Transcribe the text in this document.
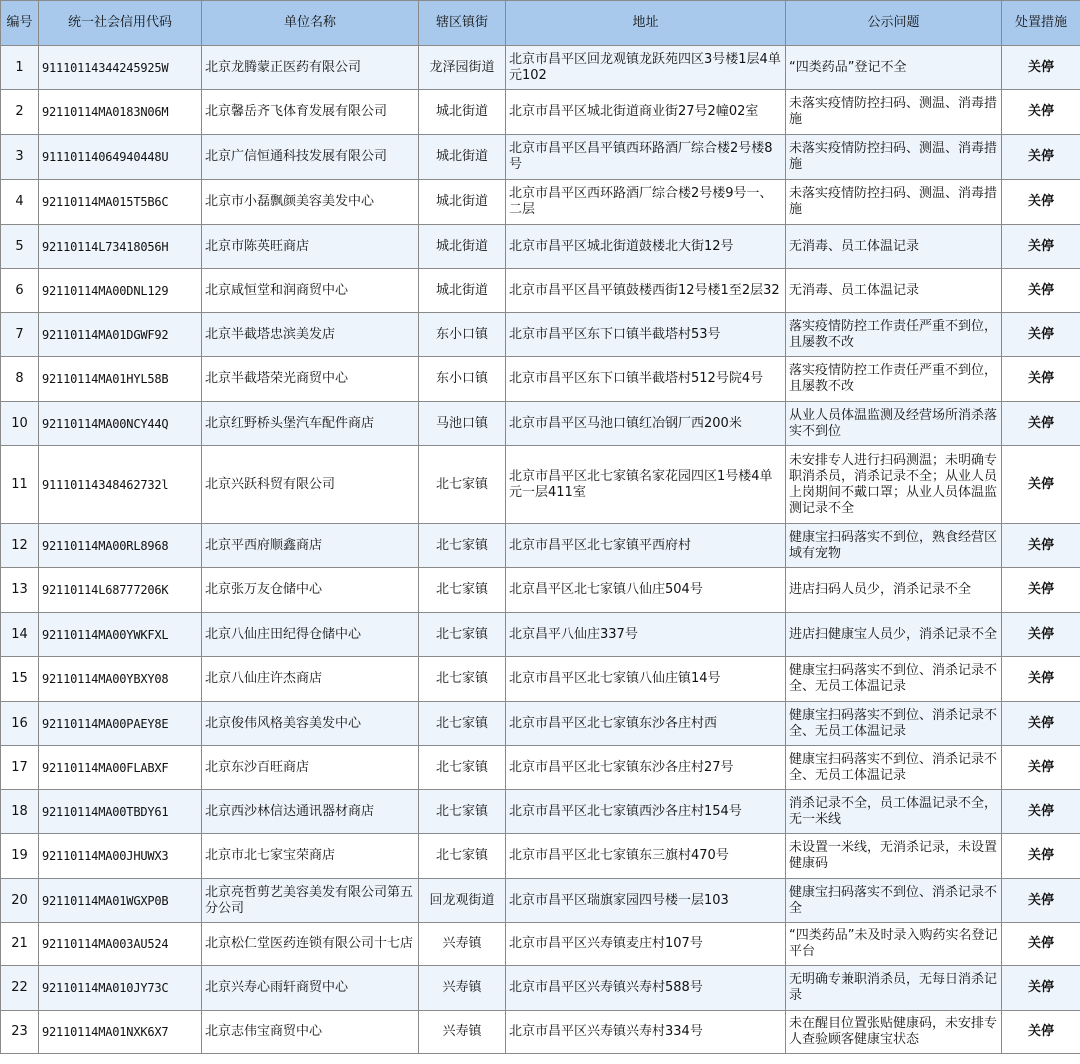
编号	统一社会信用代码	单位名称	辖区镇街	地址	公示问题	处置措施
1	91110114344245925W	北京龙腾蒙正医药有限公司	龙泽园街道	北京市昌平区回龙观镇龙跃苑四区3号楼1层4单元102	“四类药品”登记不全	关停
2	92110114MA0183N06M	北京馨岳齐飞体育发展有限公司	城北街道	北京市昌平区城北街道商业街27号2幢02室	未落实疫情防控扫码、测温、消毒措施	关停
3	91110114064940448U	北京广信恒通科技发展有限公司	城北街道	北京市昌平区昌平镇西环路酒厂综合楼2号楼8号	未落实疫情防控扫码、测温、消毒措施	关停
4	92110114MA015T5B6C	北京市小磊飘颜美容美发中心	城北街道	北京市昌平区西环路酒厂综合楼2号楼9号一、二层	未落实疫情防控扫码、测温、消毒措施	关停
5	92110114L73418056H	北京市陈英旺商店	城北街道	北京市昌平区城北街道鼓楼北大街12号	无消毒、员工体温记录	关停
6	92110114MA00DNL129	北京咸恒堂和润商贸中心	城北街道	北京市昌平区昌平镇鼓楼西街12号楼1至2层32	无消毒、员工体温记录	关停
7	92110114MA01DGWF92	北京半截塔忠滨美发店	东小口镇	北京市昌平区东下口镇半截塔村53号	落实疫情防控工作责任严重不到位，且屡教不改	关停
8	92110114MA01HYL58B	北京半截塔荣光商贸中心	东小口镇	北京市昌平区东下口镇半截塔村512号院4号	落实疫情防控工作责任严重不到位，且屡教不改	关停
10	92110114MA00NCY44Q	北京红野桥头堡汽车配件商店	马池口镇	北京市昌平区马池口镇红冶钢厂西200米	从业人员体温监测及经营场所消杀落实不到位	关停
11	91110114348462732l	北京兴跃科贸有限公司	北七家镇	北京市昌平区北七家镇名家花园四区1号楼4单元一层411室	未安排专人进行扫码测温；未明确专职消杀员，消杀记录不全；从业人员上岗期间不戴口罩；从业人员体温监测记录不全	关停
12	92110114MA00RL8968	北京平西府顺鑫商店	北七家镇	北京市昌平区北七家镇平西府村	健康宝扫码落实不到位，熟食经营区域有宠物	关停
13	92110114L68777206K	北京张万友仓储中心	北七家镇	北京昌平区北七家镇八仙庄504号	进店扫码人员少，消杀记录不全	关停
14	92110114MA00YWKFXL	北京八仙庄田纪得仓储中心	北七家镇	北京昌平八仙庄337号	进店扫健康宝人员少，消杀记录不全	关停
15	92110114MA00YBXY08	北京八仙庄许杰商店	北七家镇	北京市昌平区北七家镇八仙庄镇14号	健康宝扫码落实不到位、消杀记录不全、无员工体温记录	关停
16	92110114MA00PAEY8E	北京俊伟风格美容美发中心	北七家镇	北京市昌平区北七家镇东沙各庄村西	健康宝扫码落实不到位、消杀记录不全、无员工体温记录	关停
17	92110114MA00FLABXF	北京东沙百旺商店	北七家镇	北京市昌平区北七家镇东沙各庄村27号	健康宝扫码落实不到位、消杀记录不全、无员工体温记录	关停
18	92110114MA00TBDY61	北京西沙林信达通讯器材商店	北七家镇	北京市昌平区北七家镇西沙各庄村154号	消杀记录不全，员工体温记录不全，无一米线	关停
19	92110114MA00JHUWX3	北京市北七家宝荣商店	北七家镇	北京市昌平区北七家镇东三旗村470号	未设置一米线，无消杀记录，未设置健康码	关停
20	92110114MA01WGXP0B	北京亮哲剪艺美容美发有限公司第五分公司	回龙观街道	北京市昌平区瑞旗家园四号楼一层103	健康宝扫码落实不到位、消杀记录不全	关停
21	92110114MA003AU524	北京松仁堂医药连锁有限公司十七店	兴寿镇	北京市昌平区兴寿镇麦庄村107号	“四类药品”未及时录入购药实名登记平台	关停
22	92110114MA010JY73C	北京兴寿心雨轩商贸中心	兴寿镇	北京市昌平区兴寿镇兴寿村588号	无明确专兼职消杀员，无每日消杀记录	关停
23	92110114MA01NXK6X7	北京志伟宝商贸中心	兴寿镇	北京市昌平区兴寿镇兴寿村334号	未在醒目位置张贴健康码，未安排专人查验顾客健康宝状态	关停
